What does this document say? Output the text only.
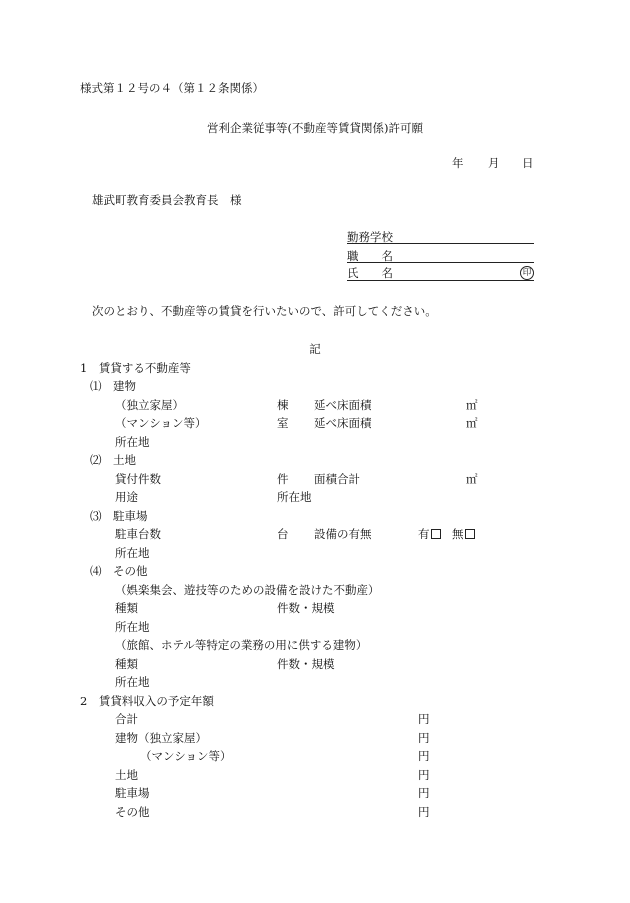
様式第１２号の４（第１２条関係）
営利企業従事等(不動産等賃貸関係)許可願
年 月 日
雄武町教育委員会教育長　様
勤務学校
職　　名
氏　　名	印
次のとおり、不動産等の賃貸を行いたいので、許可してください。
記
1　賃貸する不動産等
⑴　建物
（独立家屋）	棟 延べ床面積	㎡
（マンション等）	室 延べ床面積	㎡
所在地
⑵　土地
貸付件数	件 面積合計	㎡
用途	所在地
⑶　駐車場
駐車台数	台 設備の有無	有	無
所在地
⑷　その他
（娯楽集会、遊技等のための設備を設けた不動産）
種類	件数・規模
所在地
（旅館、ホテル等特定の業務の用に供する建物）
種類	件数・規模
所在地
2　賃貸料収入の予定年額
合計	円
建物（独立家屋）	円
（マンション等）	円
土地	円
駐車場	円
その他	円
